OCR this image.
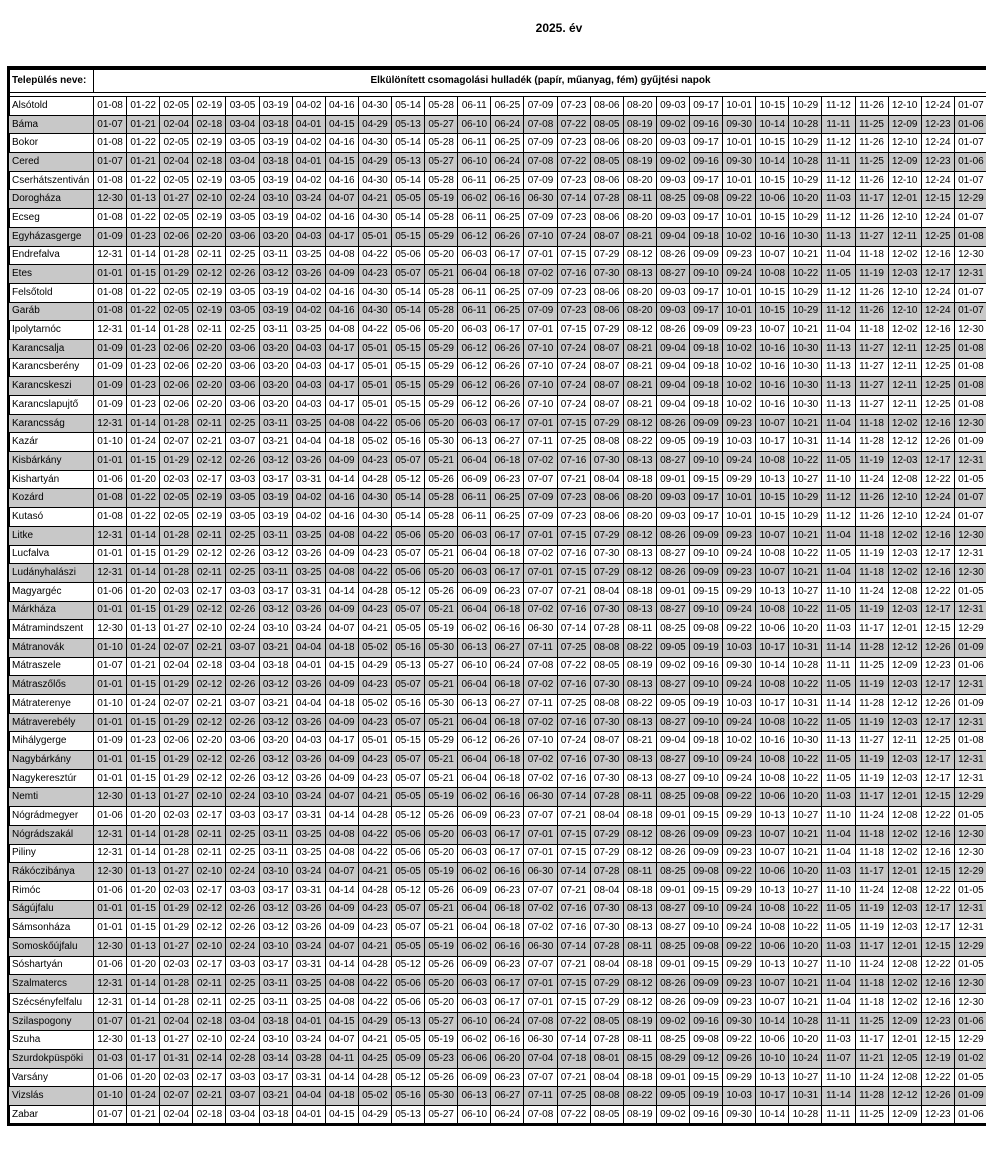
2025. év
Település neve:	Elkülönített csomagolási hulladék (papír, műanyag, fém) gyűjtési napok																										

Alsótold	01-08	01-22	02-05	02-19	03-05	03-19	04-02	04-16	04-30	05-14	05-28	06-11	06-25	07-09	07-23	08-06	08-20	09-03	09-17	10-01	10-15	10-29	11-12	11-26	12-10	12-24	01-07
Báma	01-07	01-21	02-04	02-18	03-04	03-18	04-01	04-15	04-29	05-13	05-27	06-10	06-24	07-08	07-22	08-05	08-19	09-02	09-16	09-30	10-14	10-28	11-11	11-25	12-09	12-23	01-06
Bokor	01-08	01-22	02-05	02-19	03-05	03-19	04-02	04-16	04-30	05-14	05-28	06-11	06-25	07-09	07-23	08-06	08-20	09-03	09-17	10-01	10-15	10-29	11-12	11-26	12-10	12-24	01-07
Cered	01-07	01-21	02-04	02-18	03-04	03-18	04-01	04-15	04-29	05-13	05-27	06-10	06-24	07-08	07-22	08-05	08-19	09-02	09-16	09-30	10-14	10-28	11-11	11-25	12-09	12-23	01-06
Cserhátszentiván	01-08	01-22	02-05	02-19	03-05	03-19	04-02	04-16	04-30	05-14	05-28	06-11	06-25	07-09	07-23	08-06	08-20	09-03	09-17	10-01	10-15	10-29	11-12	11-26	12-10	12-24	01-07
Dorogháza	12-30	01-13	01-27	02-10	02-24	03-10	03-24	04-07	04-21	05-05	05-19	06-02	06-16	06-30	07-14	07-28	08-11	08-25	09-08	09-22	10-06	10-20	11-03	11-17	12-01	12-15	12-29
Ecseg	01-08	01-22	02-05	02-19	03-05	03-19	04-02	04-16	04-30	05-14	05-28	06-11	06-25	07-09	07-23	08-06	08-20	09-03	09-17	10-01	10-15	10-29	11-12	11-26	12-10	12-24	01-07
Egyházasgerge	01-09	01-23	02-06	02-20	03-06	03-20	04-03	04-17	05-01	05-15	05-29	06-12	06-26	07-10	07-24	08-07	08-21	09-04	09-18	10-02	10-16	10-30	11-13	11-27	12-11	12-25	01-08
Endrefalva	12-31	01-14	01-28	02-11	02-25	03-11	03-25	04-08	04-22	05-06	05-20	06-03	06-17	07-01	07-15	07-29	08-12	08-26	09-09	09-23	10-07	10-21	11-04	11-18	12-02	12-16	12-30
Etes	01-01	01-15	01-29	02-12	02-26	03-12	03-26	04-09	04-23	05-07	05-21	06-04	06-18	07-02	07-16	07-30	08-13	08-27	09-10	09-24	10-08	10-22	11-05	11-19	12-03	12-17	12-31
Felsőtold	01-08	01-22	02-05	02-19	03-05	03-19	04-02	04-16	04-30	05-14	05-28	06-11	06-25	07-09	07-23	08-06	08-20	09-03	09-17	10-01	10-15	10-29	11-12	11-26	12-10	12-24	01-07
Garáb	01-08	01-22	02-05	02-19	03-05	03-19	04-02	04-16	04-30	05-14	05-28	06-11	06-25	07-09	07-23	08-06	08-20	09-03	09-17	10-01	10-15	10-29	11-12	11-26	12-10	12-24	01-07
Ipolytarnóc	12-31	01-14	01-28	02-11	02-25	03-11	03-25	04-08	04-22	05-06	05-20	06-03	06-17	07-01	07-15	07-29	08-12	08-26	09-09	09-23	10-07	10-21	11-04	11-18	12-02	12-16	12-30
Karancsalja	01-09	01-23	02-06	02-20	03-06	03-20	04-03	04-17	05-01	05-15	05-29	06-12	06-26	07-10	07-24	08-07	08-21	09-04	09-18	10-02	10-16	10-30	11-13	11-27	12-11	12-25	01-08
Karancsberény	01-09	01-23	02-06	02-20	03-06	03-20	04-03	04-17	05-01	05-15	05-29	06-12	06-26	07-10	07-24	08-07	08-21	09-04	09-18	10-02	10-16	10-30	11-13	11-27	12-11	12-25	01-08
Karancskeszi	01-09	01-23	02-06	02-20	03-06	03-20	04-03	04-17	05-01	05-15	05-29	06-12	06-26	07-10	07-24	08-07	08-21	09-04	09-18	10-02	10-16	10-30	11-13	11-27	12-11	12-25	01-08
Karancslapujtő	01-09	01-23	02-06	02-20	03-06	03-20	04-03	04-17	05-01	05-15	05-29	06-12	06-26	07-10	07-24	08-07	08-21	09-04	09-18	10-02	10-16	10-30	11-13	11-27	12-11	12-25	01-08
Karancsság	12-31	01-14	01-28	02-11	02-25	03-11	03-25	04-08	04-22	05-06	05-20	06-03	06-17	07-01	07-15	07-29	08-12	08-26	09-09	09-23	10-07	10-21	11-04	11-18	12-02	12-16	12-30
Kazár	01-10	01-24	02-07	02-21	03-07	03-21	04-04	04-18	05-02	05-16	05-30	06-13	06-27	07-11	07-25	08-08	08-22	09-05	09-19	10-03	10-17	10-31	11-14	11-28	12-12	12-26	01-09
Kisbárkány	01-01	01-15	01-29	02-12	02-26	03-12	03-26	04-09	04-23	05-07	05-21	06-04	06-18	07-02	07-16	07-30	08-13	08-27	09-10	09-24	10-08	10-22	11-05	11-19	12-03	12-17	12-31
Kishartyán	01-06	01-20	02-03	02-17	03-03	03-17	03-31	04-14	04-28	05-12	05-26	06-09	06-23	07-07	07-21	08-04	08-18	09-01	09-15	09-29	10-13	10-27	11-10	11-24	12-08	12-22	01-05
Kozárd	01-08	01-22	02-05	02-19	03-05	03-19	04-02	04-16	04-30	05-14	05-28	06-11	06-25	07-09	07-23	08-06	08-20	09-03	09-17	10-01	10-15	10-29	11-12	11-26	12-10	12-24	01-07
Kutasó	01-08	01-22	02-05	02-19	03-05	03-19	04-02	04-16	04-30	05-14	05-28	06-11	06-25	07-09	07-23	08-06	08-20	09-03	09-17	10-01	10-15	10-29	11-12	11-26	12-10	12-24	01-07
Litke	12-31	01-14	01-28	02-11	02-25	03-11	03-25	04-08	04-22	05-06	05-20	06-03	06-17	07-01	07-15	07-29	08-12	08-26	09-09	09-23	10-07	10-21	11-04	11-18	12-02	12-16	12-30
Lucfalva	01-01	01-15	01-29	02-12	02-26	03-12	03-26	04-09	04-23	05-07	05-21	06-04	06-18	07-02	07-16	07-30	08-13	08-27	09-10	09-24	10-08	10-22	11-05	11-19	12-03	12-17	12-31
Ludányhalászi	12-31	01-14	01-28	02-11	02-25	03-11	03-25	04-08	04-22	05-06	05-20	06-03	06-17	07-01	07-15	07-29	08-12	08-26	09-09	09-23	10-07	10-21	11-04	11-18	12-02	12-16	12-30
Magyargéc	01-06	01-20	02-03	02-17	03-03	03-17	03-31	04-14	04-28	05-12	05-26	06-09	06-23	07-07	07-21	08-04	08-18	09-01	09-15	09-29	10-13	10-27	11-10	11-24	12-08	12-22	01-05
Márkháza	01-01	01-15	01-29	02-12	02-26	03-12	03-26	04-09	04-23	05-07	05-21	06-04	06-18	07-02	07-16	07-30	08-13	08-27	09-10	09-24	10-08	10-22	11-05	11-19	12-03	12-17	12-31
Mátramindszent	12-30	01-13	01-27	02-10	02-24	03-10	03-24	04-07	04-21	05-05	05-19	06-02	06-16	06-30	07-14	07-28	08-11	08-25	09-08	09-22	10-06	10-20	11-03	11-17	12-01	12-15	12-29
Mátranovák	01-10	01-24	02-07	02-21	03-07	03-21	04-04	04-18	05-02	05-16	05-30	06-13	06-27	07-11	07-25	08-08	08-22	09-05	09-19	10-03	10-17	10-31	11-14	11-28	12-12	12-26	01-09
Mátraszele	01-07	01-21	02-04	02-18	03-04	03-18	04-01	04-15	04-29	05-13	05-27	06-10	06-24	07-08	07-22	08-05	08-19	09-02	09-16	09-30	10-14	10-28	11-11	11-25	12-09	12-23	01-06
Mátraszőlős	01-01	01-15	01-29	02-12	02-26	03-12	03-26	04-09	04-23	05-07	05-21	06-04	06-18	07-02	07-16	07-30	08-13	08-27	09-10	09-24	10-08	10-22	11-05	11-19	12-03	12-17	12-31
Mátraterenye	01-10	01-24	02-07	02-21	03-07	03-21	04-04	04-18	05-02	05-16	05-30	06-13	06-27	07-11	07-25	08-08	08-22	09-05	09-19	10-03	10-17	10-31	11-14	11-28	12-12	12-26	01-09
Mátraverebély	01-01	01-15	01-29	02-12	02-26	03-12	03-26	04-09	04-23	05-07	05-21	06-04	06-18	07-02	07-16	07-30	08-13	08-27	09-10	09-24	10-08	10-22	11-05	11-19	12-03	12-17	12-31
Mihálygerge	01-09	01-23	02-06	02-20	03-06	03-20	04-03	04-17	05-01	05-15	05-29	06-12	06-26	07-10	07-24	08-07	08-21	09-04	09-18	10-02	10-16	10-30	11-13	11-27	12-11	12-25	01-08
Nagybárkány	01-01	01-15	01-29	02-12	02-26	03-12	03-26	04-09	04-23	05-07	05-21	06-04	06-18	07-02	07-16	07-30	08-13	08-27	09-10	09-24	10-08	10-22	11-05	11-19	12-03	12-17	12-31
Nagykeresztúr	01-01	01-15	01-29	02-12	02-26	03-12	03-26	04-09	04-23	05-07	05-21	06-04	06-18	07-02	07-16	07-30	08-13	08-27	09-10	09-24	10-08	10-22	11-05	11-19	12-03	12-17	12-31
Nemti	12-30	01-13	01-27	02-10	02-24	03-10	03-24	04-07	04-21	05-05	05-19	06-02	06-16	06-30	07-14	07-28	08-11	08-25	09-08	09-22	10-06	10-20	11-03	11-17	12-01	12-15	12-29
Nógrádmegyer	01-06	01-20	02-03	02-17	03-03	03-17	03-31	04-14	04-28	05-12	05-26	06-09	06-23	07-07	07-21	08-04	08-18	09-01	09-15	09-29	10-13	10-27	11-10	11-24	12-08	12-22	01-05
Nógrádszakál	12-31	01-14	01-28	02-11	02-25	03-11	03-25	04-08	04-22	05-06	05-20	06-03	06-17	07-01	07-15	07-29	08-12	08-26	09-09	09-23	10-07	10-21	11-04	11-18	12-02	12-16	12-30
Piliny	12-31	01-14	01-28	02-11	02-25	03-11	03-25	04-08	04-22	05-06	05-20	06-03	06-17	07-01	07-15	07-29	08-12	08-26	09-09	09-23	10-07	10-21	11-04	11-18	12-02	12-16	12-30
Rákóczibánya	12-30	01-13	01-27	02-10	02-24	03-10	03-24	04-07	04-21	05-05	05-19	06-02	06-16	06-30	07-14	07-28	08-11	08-25	09-08	09-22	10-06	10-20	11-03	11-17	12-01	12-15	12-29
Rimóc	01-06	01-20	02-03	02-17	03-03	03-17	03-31	04-14	04-28	05-12	05-26	06-09	06-23	07-07	07-21	08-04	08-18	09-01	09-15	09-29	10-13	10-27	11-10	11-24	12-08	12-22	01-05
Ságújfalu	01-01	01-15	01-29	02-12	02-26	03-12	03-26	04-09	04-23	05-07	05-21	06-04	06-18	07-02	07-16	07-30	08-13	08-27	09-10	09-24	10-08	10-22	11-05	11-19	12-03	12-17	12-31
Sámsonháza	01-01	01-15	01-29	02-12	02-26	03-12	03-26	04-09	04-23	05-07	05-21	06-04	06-18	07-02	07-16	07-30	08-13	08-27	09-10	09-24	10-08	10-22	11-05	11-19	12-03	12-17	12-31
Somoskőújfalu	12-30	01-13	01-27	02-10	02-24	03-10	03-24	04-07	04-21	05-05	05-19	06-02	06-16	06-30	07-14	07-28	08-11	08-25	09-08	09-22	10-06	10-20	11-03	11-17	12-01	12-15	12-29
Sóshartyán	01-06	01-20	02-03	02-17	03-03	03-17	03-31	04-14	04-28	05-12	05-26	06-09	06-23	07-07	07-21	08-04	08-18	09-01	09-15	09-29	10-13	10-27	11-10	11-24	12-08	12-22	01-05
Szalmatercs	12-31	01-14	01-28	02-11	02-25	03-11	03-25	04-08	04-22	05-06	05-20	06-03	06-17	07-01	07-15	07-29	08-12	08-26	09-09	09-23	10-07	10-21	11-04	11-18	12-02	12-16	12-30
Szécsényfelfalu	12-31	01-14	01-28	02-11	02-25	03-11	03-25	04-08	04-22	05-06	05-20	06-03	06-17	07-01	07-15	07-29	08-12	08-26	09-09	09-23	10-07	10-21	11-04	11-18	12-02	12-16	12-30
Szilaspogony	01-07	01-21	02-04	02-18	03-04	03-18	04-01	04-15	04-29	05-13	05-27	06-10	06-24	07-08	07-22	08-05	08-19	09-02	09-16	09-30	10-14	10-28	11-11	11-25	12-09	12-23	01-06
Szuha	12-30	01-13	01-27	02-10	02-24	03-10	03-24	04-07	04-21	05-05	05-19	06-02	06-16	06-30	07-14	07-28	08-11	08-25	09-08	09-22	10-06	10-20	11-03	11-17	12-01	12-15	12-29
Szurdokpüspöki	01-03	01-17	01-31	02-14	02-28	03-14	03-28	04-11	04-25	05-09	05-23	06-06	06-20	07-04	07-18	08-01	08-15	08-29	09-12	09-26	10-10	10-24	11-07	11-21	12-05	12-19	01-02
Varsány	01-06	01-20	02-03	02-17	03-03	03-17	03-31	04-14	04-28	05-12	05-26	06-09	06-23	07-07	07-21	08-04	08-18	09-01	09-15	09-29	10-13	10-27	11-10	11-24	12-08	12-22	01-05
Vizslás	01-10	01-24	02-07	02-21	03-07	03-21	04-04	04-18	05-02	05-16	05-30	06-13	06-27	07-11	07-25	08-08	08-22	09-05	09-19	10-03	10-17	10-31	11-14	11-28	12-12	12-26	01-09
Zabar	01-07	01-21	02-04	02-18	03-04	03-18	04-01	04-15	04-29	05-13	05-27	06-10	06-24	07-08	07-22	08-05	08-19	09-02	09-16	09-30	10-14	10-28	11-11	11-25	12-09	12-23	01-06
